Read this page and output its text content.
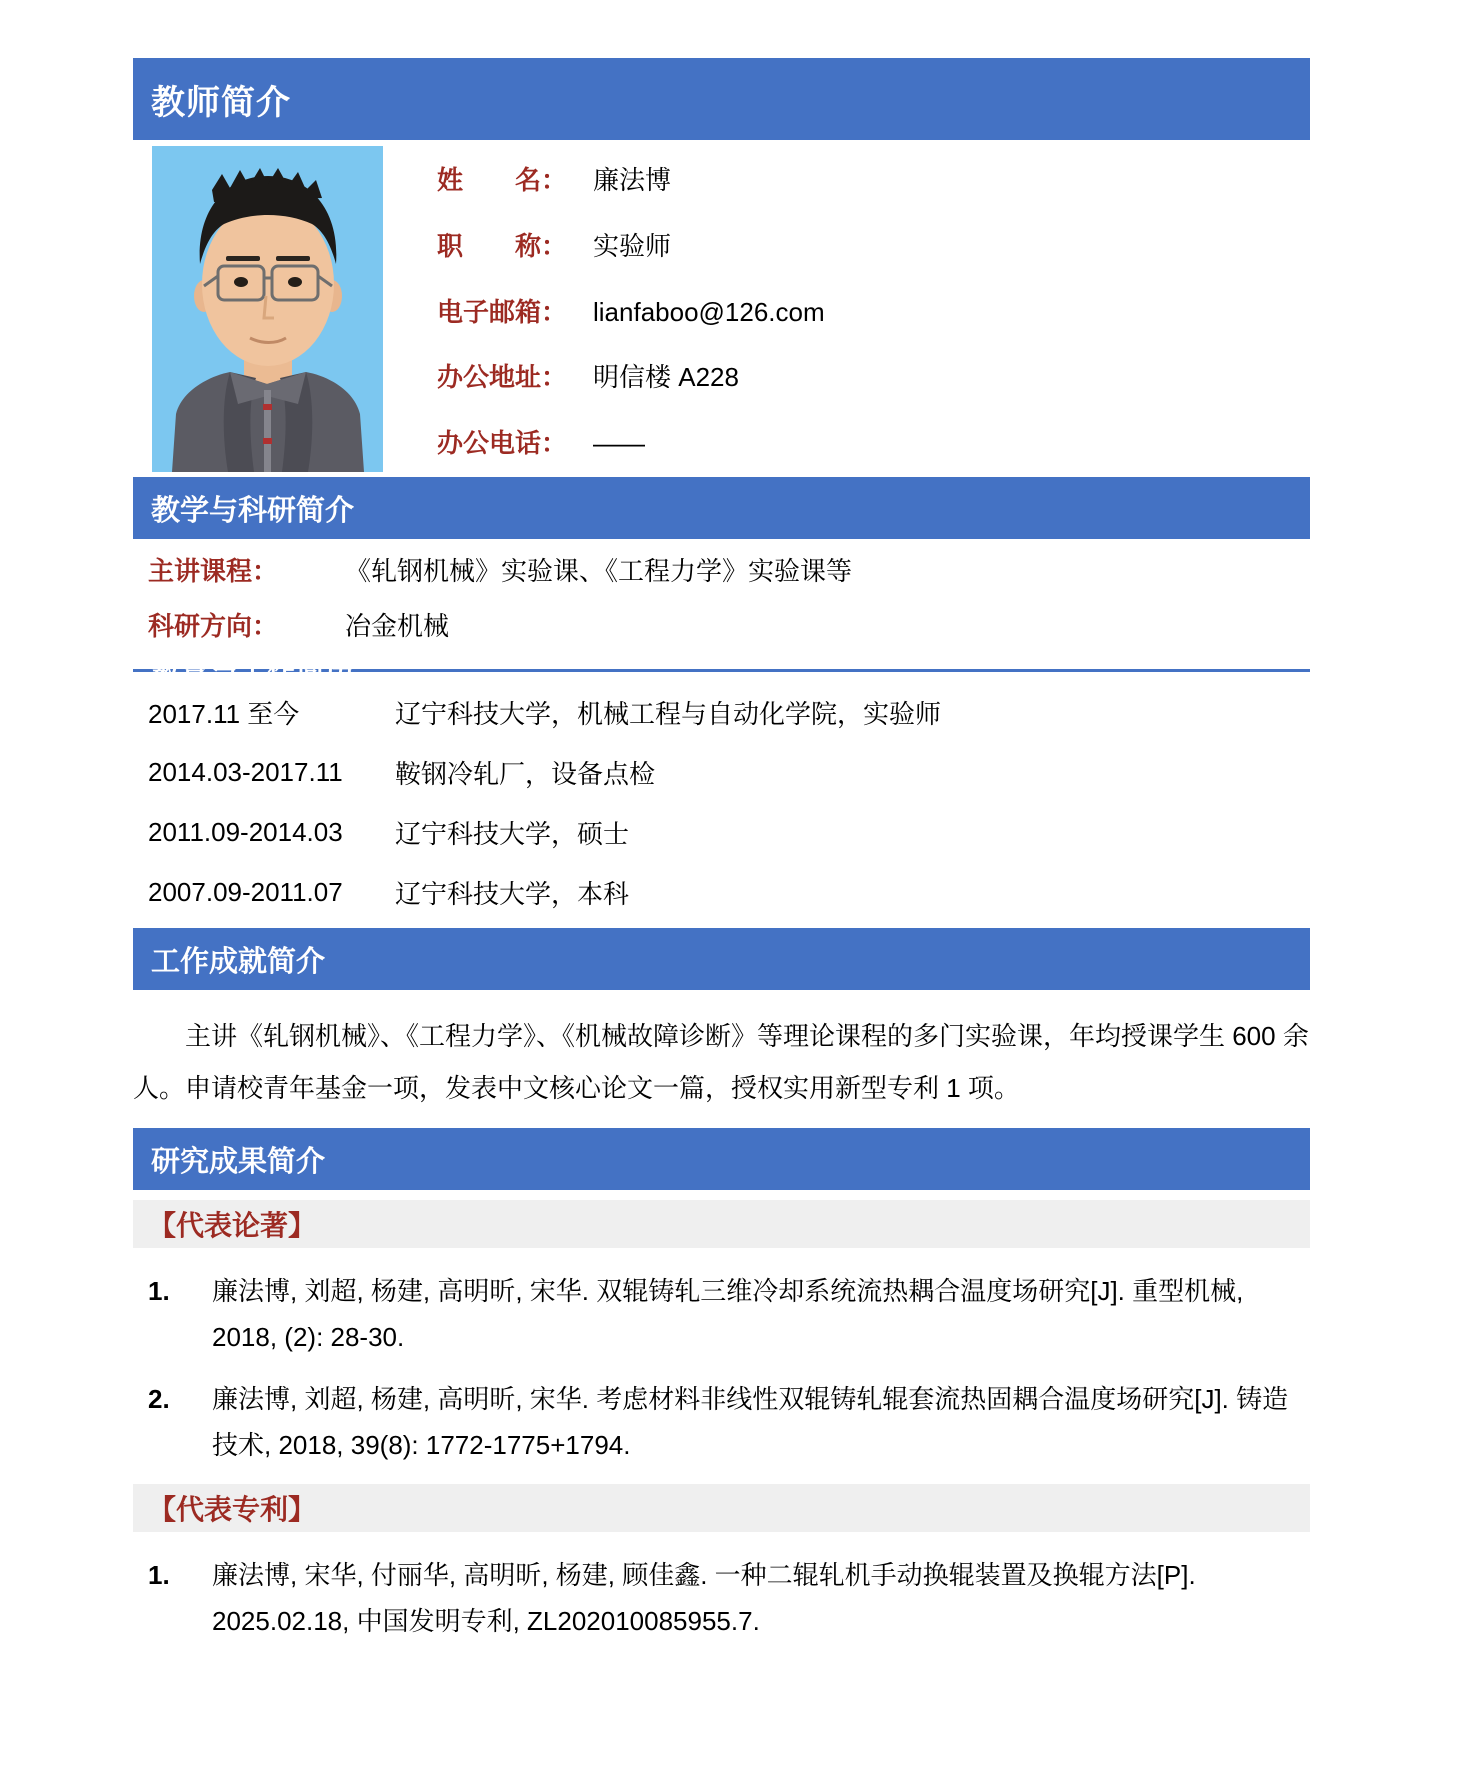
教师简介
姓　　名： 廉法博
职　　称： 实验师
电子邮箱： lianfaboo@126.com
办公地址： 明信楼 A228
办公电话： ——
教学与科研简介
主讲课程：	《轧钢机械》实验课、《工程力学》实验课等
科研方向：	冶金机械
教育与工作简历
2017.11 至今	辽宁科技大学，机械工程与自动化学院，实验师
2014.03-2017.11	鞍钢冷轧厂，设备点检
2011.09-2014.03	辽宁科技大学，硕士
2007.09-2011.07	辽宁科技大学，本科
工作成就简介

主讲《轧钢机械》、《工程力学》、《机械故障诊断》等理论课程的多门实验课，年均授课学生 600 余人。申请校青年基金一项，发表中文核心论文一篇，授权实用新型专利 1 项。

研究成果简介
【代表论著】
1.	廉法博, 刘超, 杨建, 高明昕, 宋华. 双辊铸轧三维冷却系统流热耦合温度场研究[J]. 重型机械, 2018, (2): 28-30.
2.	廉法博, 刘超, 杨建, 高明昕, 宋华. 考虑材料非线性双辊铸轧辊套流热固耦合温度场研究[J]. 铸造技术, 2018, 39(8): 1772-1775+1794.
【代表专利】
1.	廉法博, 宋华, 付丽华, 高明昕, 杨建, 顾佳鑫. 一种二辊轧机手动换辊装置及换辊方法[P]. 2025.02.18, 中国发明专利, ZL202010085955.7.
